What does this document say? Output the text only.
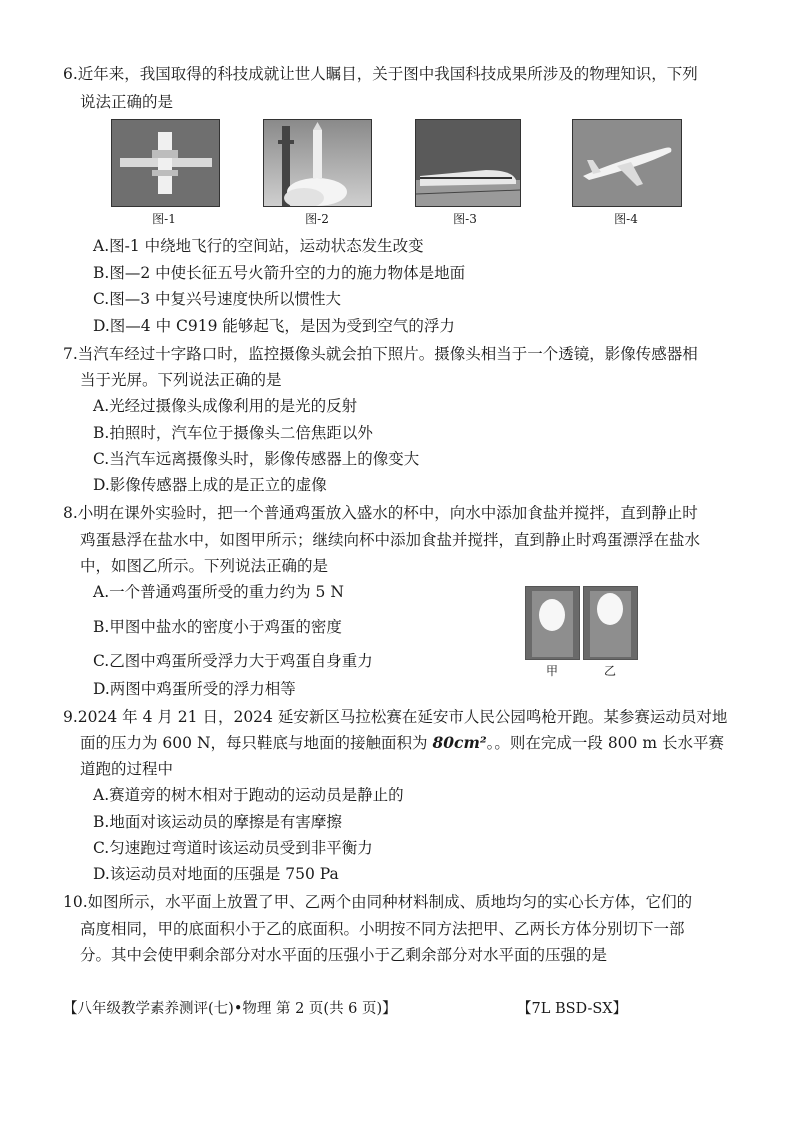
6.近年来，我国取得的科技成就让世人瞩目，关于图中我国科技成果所涉及的物理知识，下列
说法正确的是
图-1	图-2	图-3	图-4
A.图-1 中绕地飞行的空间站，运动状态发生改变
B.图—2 中使长征五号火箭升空的力的施力物体是地面
C.图—3 中复兴号速度快所以惯性大
D.图—4 中 C919 能够起飞，是因为受到空气的浮力
7.当汽车经过十字路口时，监控摄像头就会拍下照片。摄像头相当于一个透镜，影像传感器相
当于光屏。下列说法正确的是
A.光经过摄像头成像利用的是光的反射
B.拍照时，汽车位于摄像头二倍焦距以外
C.当汽车远离摄像头时，影像传感器上的像变大
D.影像传感器上成的是正立的虚像
8.小明在课外实验时，把一个普通鸡蛋放入盛水的杯中，向水中添加食盐并搅拌，直到静止时
鸡蛋悬浮在盐水中，如图甲所示；继续向杯中添加食盐并搅拌，直到静止时鸡蛋漂浮在盐水
中，如图乙所示。下列说法正确的是
A.一个普通鸡蛋所受的重力约为 5 N
B.甲图中盐水的密度小于鸡蛋的密度
C.乙图中鸡蛋所受浮力大于鸡蛋自身重力
D.两图中鸡蛋所受的浮力相等
甲	乙
9.2024 年 4 月 21 日，2024 延安新区马拉松赛在延安市人民公园鸣枪开跑。某参赛运动员对地
面的压力为 600 N，每只鞋底与地面的接触面积为 80cm²。。则在完成一段 800 m 长水平赛
道跑的过程中
A.赛道旁的树木相对于跑动的运动员是静止的
B.地面对该运动员的摩擦是有害摩擦
C.匀速跑过弯道时该运动员受到非平衡力
D.该运动员对地面的压强是 750 Pa
10.如图所示，水平面上放置了甲、乙两个由同种材料制成、质地均匀的实心长方体，它们的
高度相同，甲的底面积小于乙的底面积。小明按不同方法把甲、乙两长方体分别切下一部
分。其中会使甲剩余部分对水平面的压强小于乙剩余部分对水平面的压强的是
【八年级教学素养测评(七)•物理 第 2 页(共 6 页)】	【7L BSD-SX】
